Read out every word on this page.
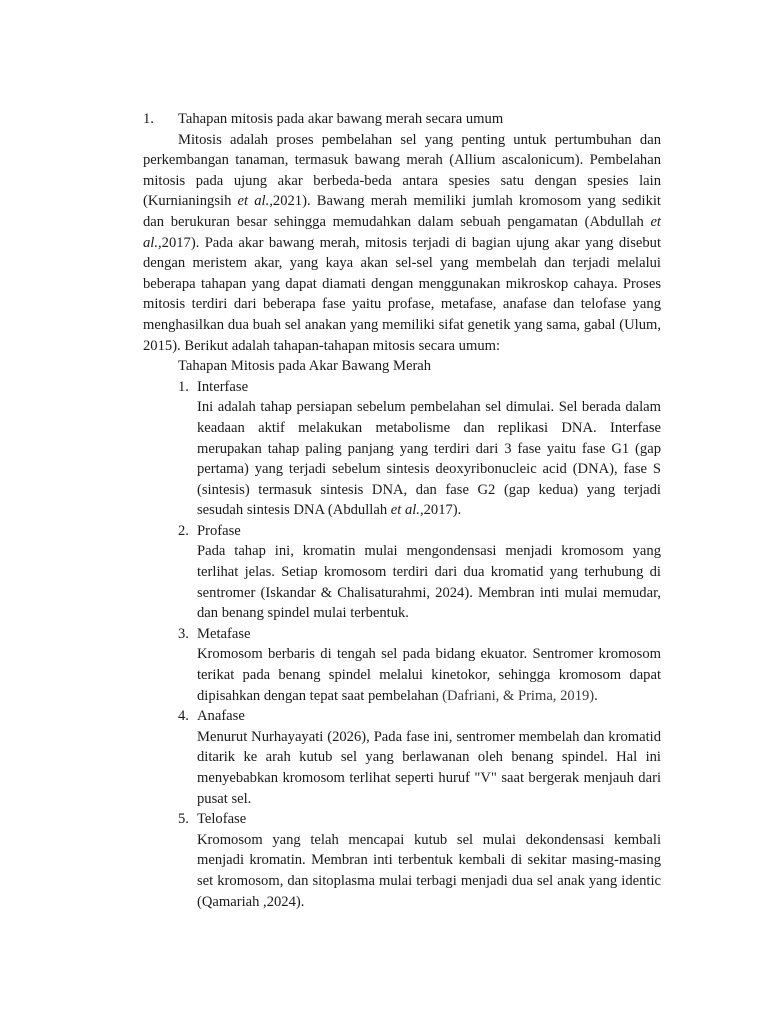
1.	Tahapan mitosis pada akar bawang merah secara umum

Mitosis adalah proses pembelahan sel yang penting untuk pertumbuhan dan perkembangan tanaman, termasuk bawang merah (Allium ascalonicum). Pembelahan mitosis pada ujung akar berbeda-beda antara spesies satu dengan spesies lain (Kurnianingsih et al.,2021). Bawang merah memiliki jumlah kromosom yang sedikit dan berukuran besar sehingga memudahkan dalam sebuah pengamatan (Abdullah et al.,2017). Pada akar bawang merah, mitosis terjadi di bagian ujung akar yang disebut dengan meristem akar, yang kaya akan sel-sel yang membelah dan terjadi melalui beberapa tahapan yang dapat diamati dengan menggunakan mikroskop cahaya. Proses mitosis terdiri dari beberapa fase yaitu profase, metafase, anafase dan telofase yang menghasilkan dua buah sel anakan yang memiliki sifat genetik yang sama, gabal (Ulum, 2015). Berikut adalah tahapan-tahapan mitosis secara umum:

Tahapan Mitosis pada Akar Bawang Merah
1. Interfase
Ini adalah tahap persiapan sebelum pembelahan sel dimulai. Sel berada dalam keadaan aktif melakukan metabolisme dan replikasi DNA. Interfase merupakan tahap paling panjang yang terdiri dari 3 fase yaitu fase G1 (gap pertama) yang terjadi sebelum sintesis deoxyribonucleic acid (DNA), fase S (sintesis) termasuk sintesis DNA, dan fase G2 (gap kedua) yang terjadi sesudah sintesis DNA (Abdullah et al.,2017).
2. Profase
Pada tahap ini, kromatin mulai mengondensasi menjadi kromosom yang terlihat jelas. Setiap kromosom terdiri dari dua kromatid yang terhubung di sentromer (Iskandar & Chalisaturahmi, 2024). Membran inti mulai memudar, dan benang spindel mulai terbentuk.
3. Metafase
Kromosom berbaris di tengah sel pada bidang ekuator. Sentromer kromosom terikat pada benang spindel melalui kinetokor, sehingga kromosom dapat dipisahkan dengan tepat saat pembelahan (Dafriani, & Prima, 2019).
4. Anafase
Menurut Nurhayayati (2026), Pada fase ini, sentromer membelah dan kromatid ditarik ke arah kutub sel yang berlawanan oleh benang spindel. Hal ini menyebabkan kromosom terlihat seperti huruf "V" saat bergerak menjauh dari pusat sel.
5. Telofase
Kromosom yang telah mencapai kutub sel mulai dekondensasi kembali menjadi kromatin. Membran inti terbentuk kembali di sekitar masing-masing set kromosom, dan sitoplasma mulai terbagi menjadi dua sel anak yang identic (Qamariah ,2024).
